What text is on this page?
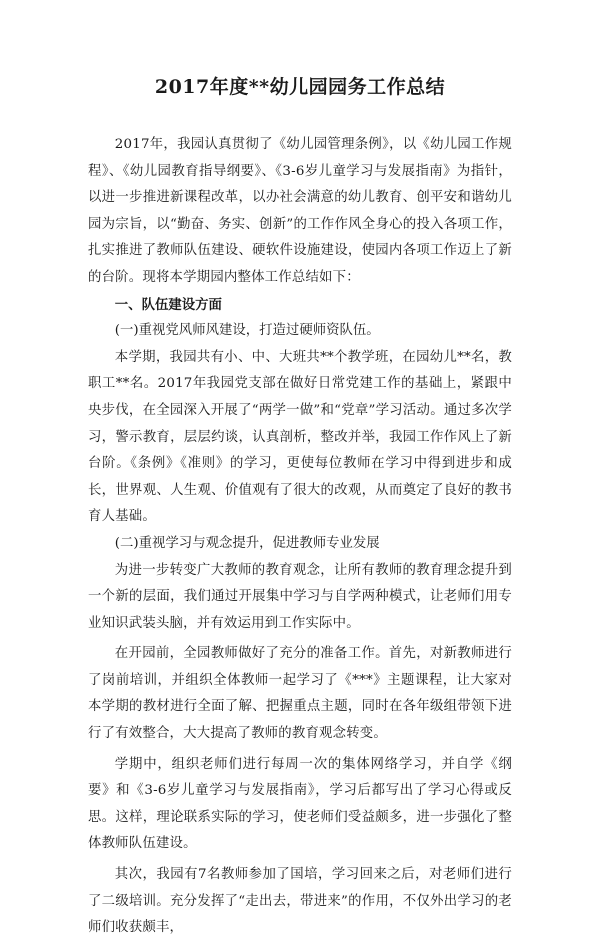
2017年度**幼儿园园务工作总结

2017年，我园认真贯彻了《幼儿园管理条例》，以《幼儿园工作规程》、《幼儿园教育指导纲要》、《3-6岁儿童学习与发展指南》为指针，以进一步推进新课程改革，以办社会满意的幼儿教育、创平安和谐幼儿园为宗旨，以“勤奋、务实、创新”的工作作风全身心的投入各项工作，扎实推进了教师队伍建设、硬软件设施建设，使园内各项工作迈上了新的台阶。现将本学期园内整体工作总结如下：

一、队伍建设方面

(一)重视党风师风建设，打造过硬师资队伍。

本学期，我园共有小、中、大班共**个教学班，在园幼儿**名，教职工**名。2017年我园党支部在做好日常党建工作的基础上，紧跟中央步伐，在全园深入开展了“两学一做”和“党章”学习活动。通过多次学习，警示教育，层层约谈，认真剖析，整改并举，我园工作作风上了新台阶。《条例》《准则》的学习，更使每位教师在学习中得到进步和成长，世界观、人生观、价值观有了很大的改观，从而奠定了良好的教书育人基础。

(二)重视学习与观念提升，促进教师专业发展

为进一步转变广大教师的教育观念，让所有教师的教育理念提升到一个新的层面，我们通过开展集中学习与自学两种模式，让老师们用专业知识武装头脑，并有效运用到工作实际中。

在开园前，全园教师做好了充分的准备工作。首先，对新教师进行了岗前培训，并组织全体教师一起学习了《***》主题课程，让大家对本学期的教材进行全面了解、把握重点主题，同时在各年级组带领下进行了有效整合，大大提高了教师的教育观念转变。

学期中，组织老师们进行每周一次的集体网络学习，并自学《纲要》和《3-6岁儿童学习与发展指南》，学习后都写出了学习心得或反思。这样，理论联系实际的学习，使老师们受益颇多，进一步强化了整体教师队伍建设。

其次，我园有7名教师参加了国培，学习回来之后，对老师们进行了二级培训。充分发挥了“走出去，带进来”的作用，不仅外出学习的老师们收获颇丰，
